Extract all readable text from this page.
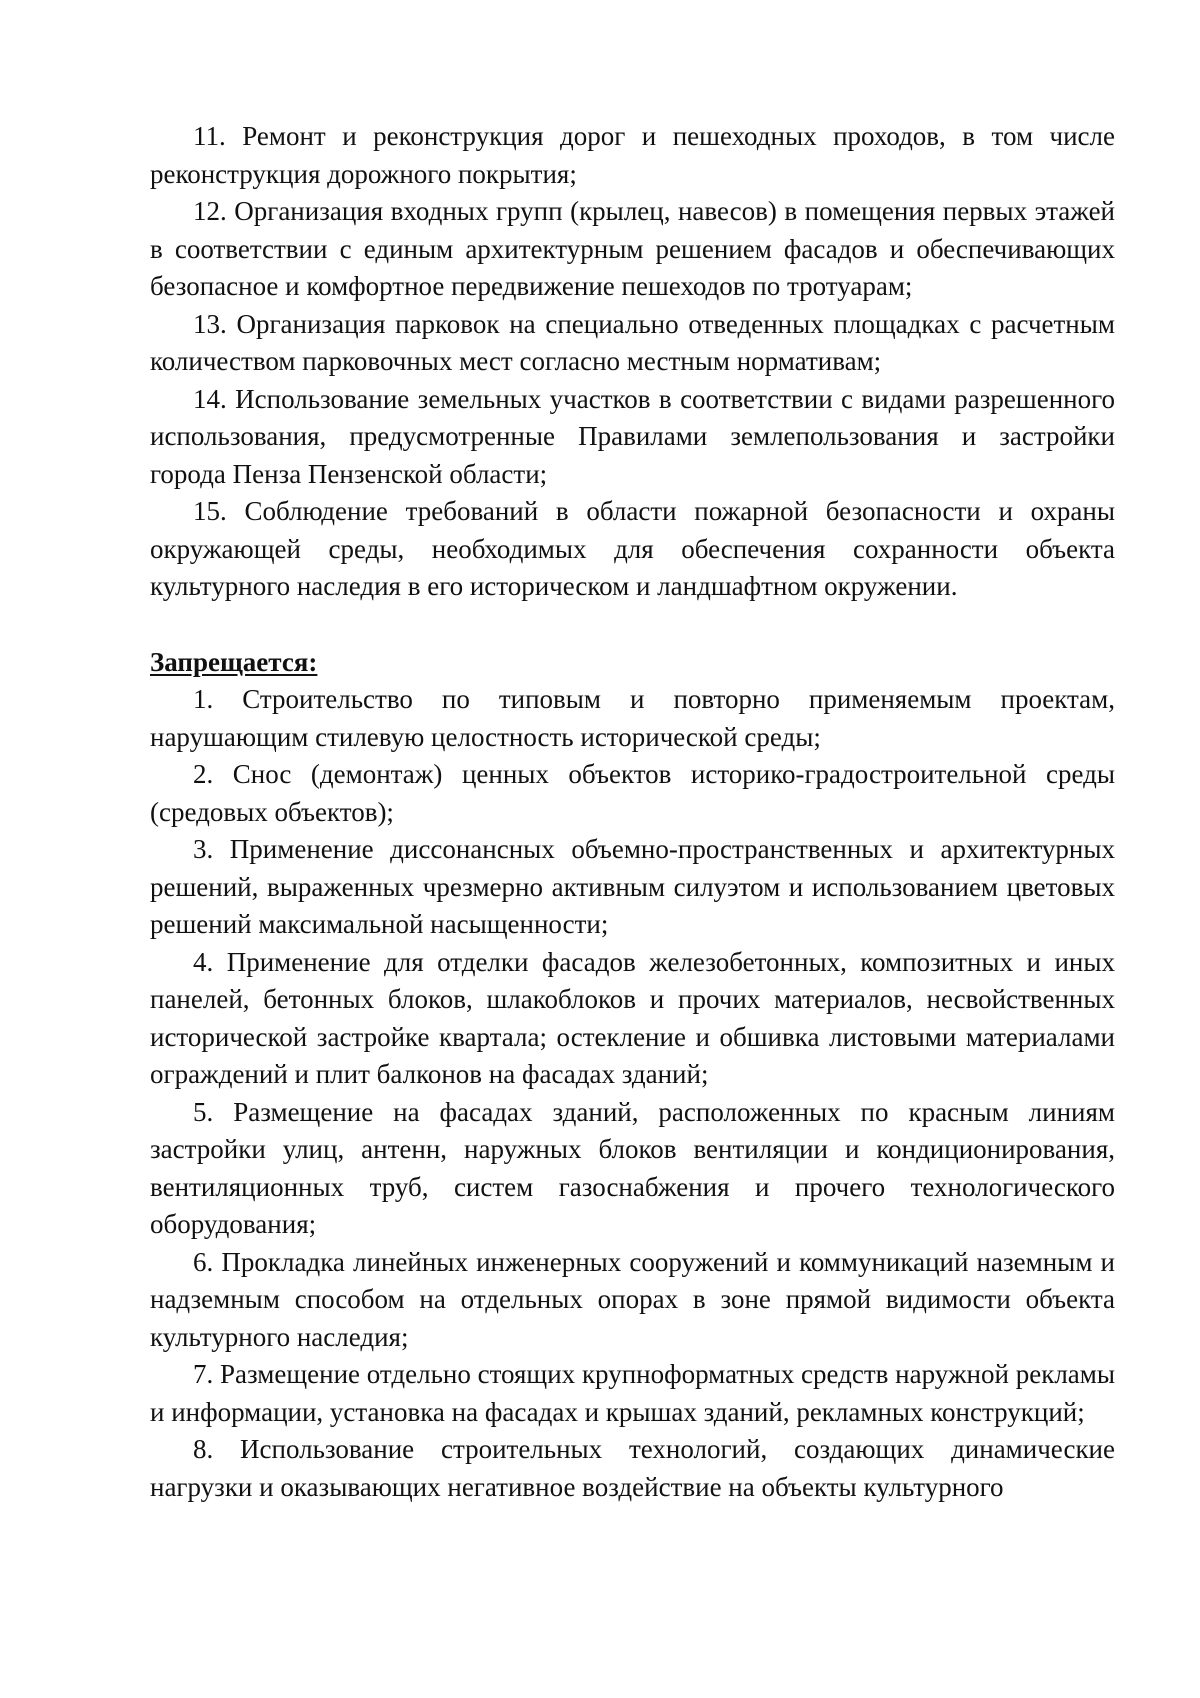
11. Ремонт и реконструкция дорог и пешеходных проходов, в том числе реконструкция дорожного покрытия;

12. Организация входных групп (крылец, навесов) в помещения первых этажей в соответствии с единым архитектурным решением фасадов и обеспечивающих безопасное и комфортное передвижение пешеходов по тротуарам;

13. Организация парковок на специально отведенных площадках с расчетным количеством парковочных мест согласно местным нормативам;

14. Использование земельных участков в соответствии с видами разрешенного использования, предусмотренные Правилами землепользования и застройки города Пенза Пензенской области;

15. Соблюдение требований в области пожарной безопасности и охраны окружающей среды, необходимых для обеспечения сохранности объекта культурного наследия в его историческом и ландшафтном окружении.

Запрещается:

1. Строительство по типовым и повторно применяемым проектам, нарушающим стилевую целостность исторической среды;

2. Снос (демонтаж) ценных объектов историко-градостроительной среды (средовых объектов);

3. Применение диссонансных объемно-пространственных и архитектурных решений, выраженных чрезмерно активным силуэтом и использованием цветовых решений максимальной насыщенности;

4. Применение для отделки фасадов железобетонных, композитных и иных панелей, бетонных блоков, шлакоблоков и прочих материалов, несвойственных исторической застройке квартала; остекление и обшивка листовыми материалами ограждений и плит балконов на фасадах зданий;

5. Размещение на фасадах зданий, расположенных по красным линиям застройки улиц, антенн, наружных блоков вентиляции и кондиционирования, вентиляционных труб, систем газоснабжения и прочего технологического оборудования;

6. Прокладка линейных инженерных сооружений и коммуникаций наземным и надземным способом на отдельных опорах в зоне прямой видимости объекта культурного наследия;

7. Размещение отдельно стоящих крупноформатных средств наружной рекламы и информации, установка на фасадах и крышах зданий, рекламных конструкций;

8. Использование строительных технологий, создающих динамические нагрузки и оказывающих негативное воздействие на объекты культурного
